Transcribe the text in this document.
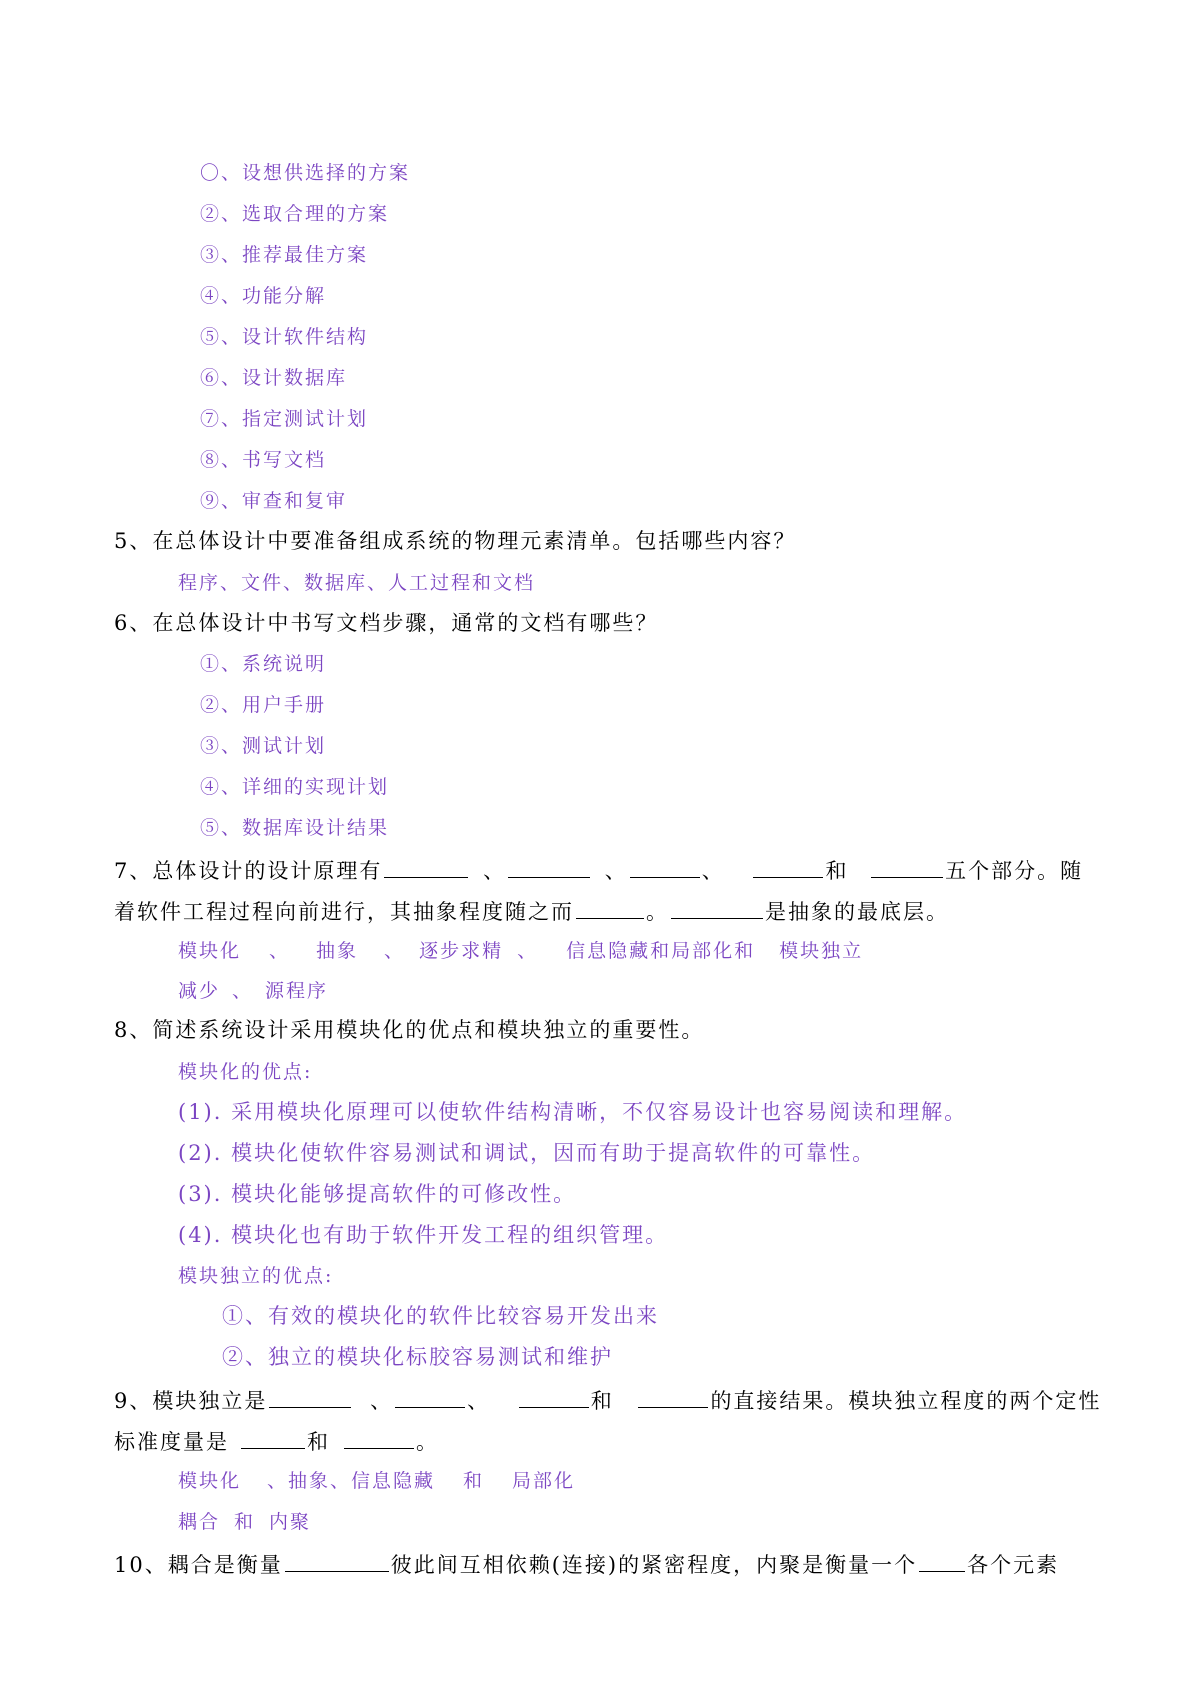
〇、设想供选择的方案
②、选取合理的方案
③、推荐最佳方案
④、功能分解
⑤、设计软件结构
⑥、设计数据库
⑦、指定测试计划
⑧、书写文档
⑨、审查和复审
5、在总体设计中要准备组成系统的物理元素清单。包括哪些内容？
程序、文件、数据库、人工过程和文档
6、在总体设计中书写文档步骤，通常的文档有哪些？
①、系统说明
②、用户手册
③、测试计划
④、详细的实现计划
⑤、数据库设计结果
7、总体设计的设计原理有	、	、	、	和	五个部分。随
着软件工程过程向前进行，其抽象程度随之而	。	是抽象的最底层。
模块化 、 抽象 、 逐步求精 、 信息隐藏和局部化和 模块独立
减少 、 源程序
8、简述系统设计采用模块化的优点和模块独立的重要性。
模块化的优点:
(1). 采用模块化原理可以使软件结构清晰，不仅容易设计也容易阅读和理解。
(2). 模块化使软件容易测试和调试，因而有助于提高软件的可靠性。
(3). 模块化能够提高软件的可修改性。
(4). 模块化也有助于软件开发工程的组织管理。
模块独立的优点:
①、有效的模块化的软件比较容易开发出来
②、独立的模块化标胶容易测试和维护
9、模块独立是	、	、	和	的直接结果。模块独立程度的两个定性
标准度量是	和	。
模块化 、抽象、信息隐藏 和 局部化
耦合 和 内聚
10、耦合是衡量	彼此间互相依赖(连接)的紧密程度，内聚是衡量一个 各个元素
